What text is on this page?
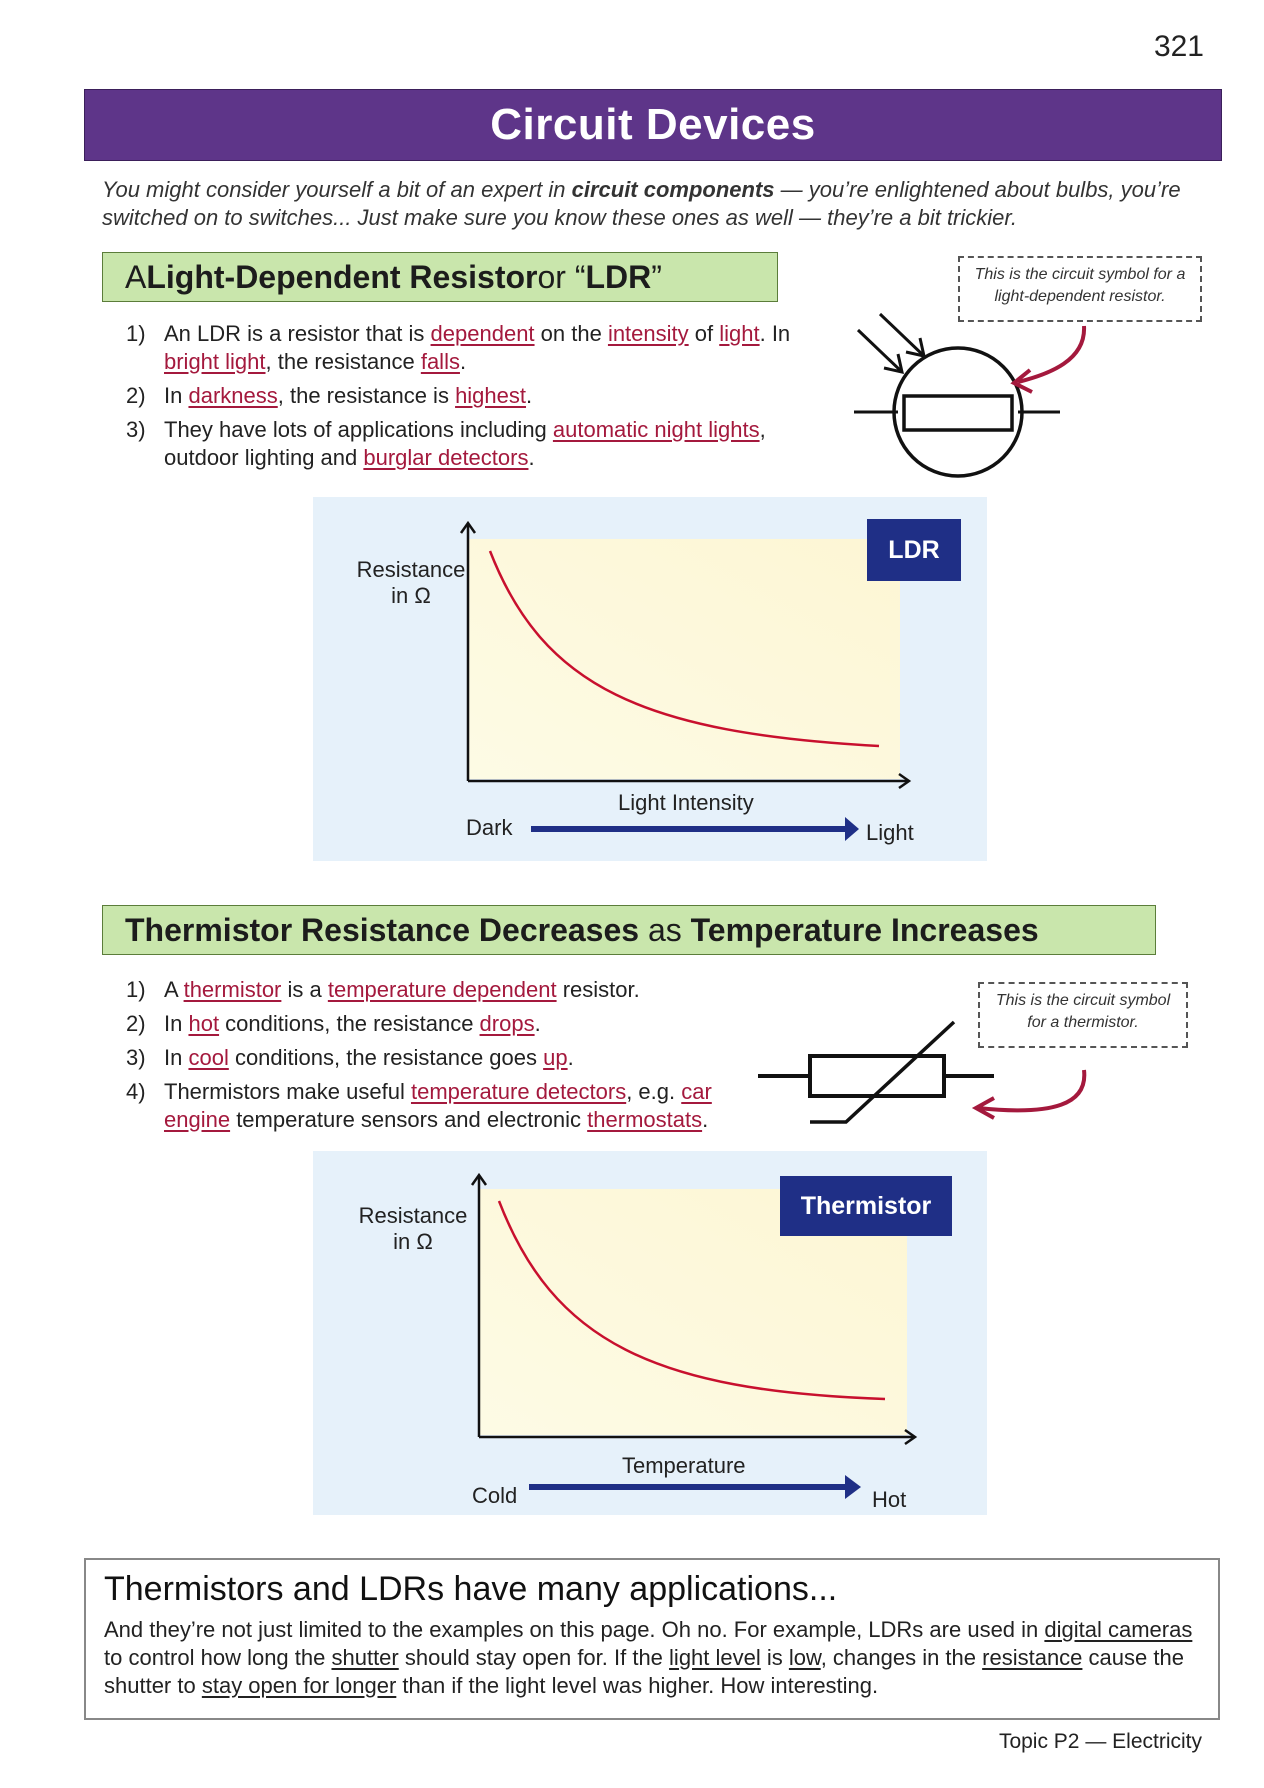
321
Circuit Devices
You might consider yourself a bit of an expert in circuit components — you’re enlightened about bulbs, you’re switched on to switches... Just make sure you know these ones as well — they’re a bit trickier.
A Light-Dependent Resistor or “ LDR ”
1) An LDR is a resistor that is dependent on the intensity of light. In bright light, the resistance falls.
2) In darkness, the resistance is highest.
3) They have lots of applications including automatic night lights, outdoor lighting and burglar detectors.
This is the circuit symbol for a light-dependent resistor.
Resistance
in Ω
Light Intensity
Dark	Light
LDR
Thermistor Resistance Decreases as Temperature Increases
1) A thermistor is a temperature dependent resistor.
2) In hot conditions, the resistance drops.
3) In cool conditions, the resistance goes up.
4) Thermistors make useful temperature detectors, e.g. car engine temperature sensors and electronic thermostats.
This is the circuit symbol for a thermistor.
Resistance
in Ω
Temperature
Cold	Hot
Thermistor
Thermistors and LDRs have many applications...
And they’re not just limited to the examples on this page. Oh no. For example, LDRs are used in digital cameras to control how long the shutter should stay open for. If the light level is low, changes in the resistance cause the shutter to stay open for longer than if the light level was higher. How interesting.
Topic P2 — Electricity
